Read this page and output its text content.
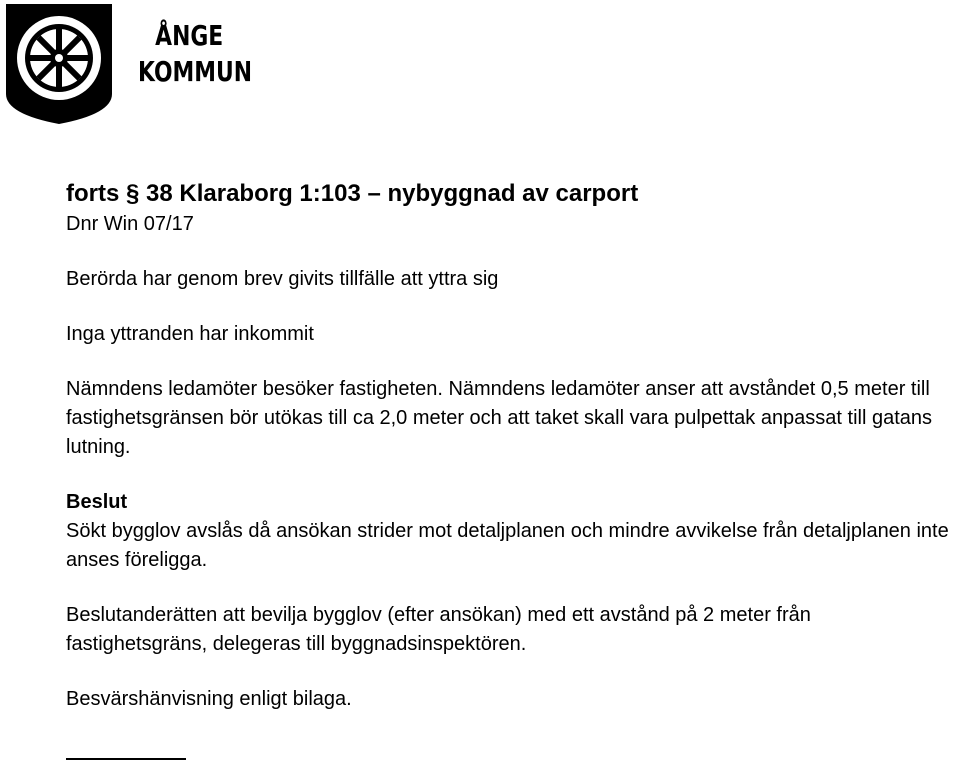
ÅNGE
KOMMUN
forts § 38 Klaraborg 1:103 – nybyggnad av carport
Dnr Win 07/17

Berörda har genom brev givits tillfälle att yttra sig

Inga yttranden har inkommit

Nämndens ledamöter besöker fastigheten. Nämndens ledamöter anser att avståndet 0,5 meter till fastighetsgränsen bör utökas till ca 2,0 meter och att taket skall vara pulpettak anpassat till gatans lutning.

Beslut

Sökt bygglov avslås då ansökan strider mot detaljplanen och mindre avvikelse från detaljplanen inte anses föreligga.

Beslutanderätten att bevilja bygglov (efter ansökan) med ett avstånd på 2 meter från fastighetsgräns, delegeras till byggnadsinspektören.

Besvärshänvisning enligt bilaga.
